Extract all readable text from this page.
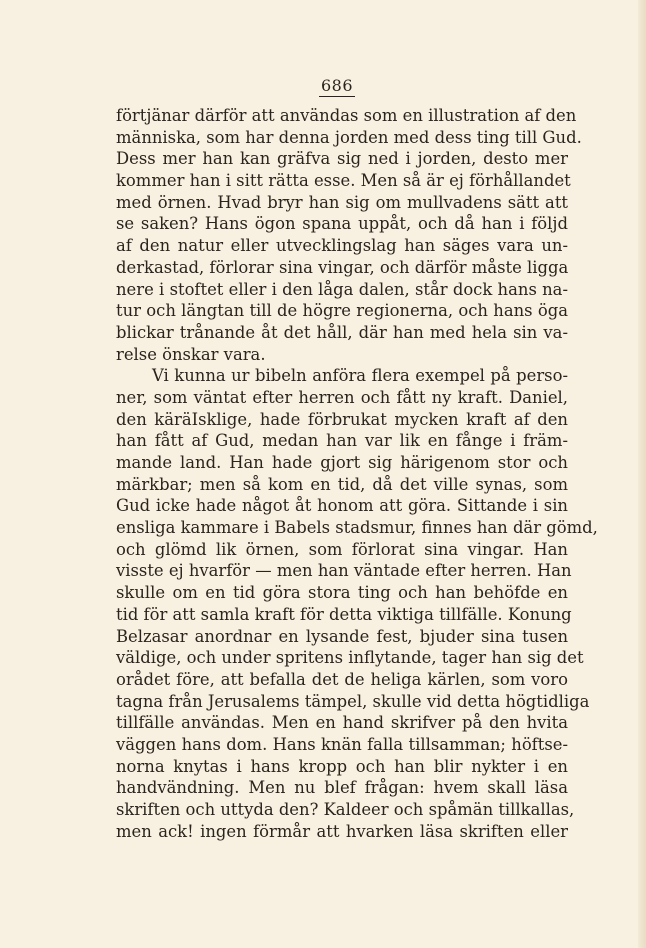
686
förtjänar därför att användas som en illustration af den
människa, som har denna jorden med dess ting till Gud.
Dess mer han kan gräfva sig ned i jorden, desto mer
kommer han i sitt rätta esse. Men så är ej förhållandet
med örnen. Hvad bryr han sig om mullvadens sätt att
se saken? Hans ögon spana uppåt, och då han i följd
af den natur eller utvecklingslag han säges vara un-
derkastad, förlorar sina vingar, och därför måste ligga
nere i stoftet eller i den låga dalen, står dock hans na-
tur och längtan till de högre regionerna, och hans öga
blickar trånande åt det håll, där han med hela sin va-
relse önskar vara.
Vi kunna ur bibeln anföra flera exempel på perso-
ner, som väntat efter herren och fått ny kraft. Daniel,
den käräIsklige, hade förbrukat mycken kraft af den
han fått af Gud, medan han var lik en fånge i främ-
mande land. Han hade gjort sig härigenom stor och
märkbar; men så kom en tid, då det ville synas, som
Gud icke hade något åt honom att göra. Sittande i sin
ensliga kammare i Babels stadsmur, finnes han där gömd,
och glömd lik örnen, som förlorat sina vingar. Han
visste ej hvarför — men han väntade efter herren. Han
skulle om en tid göra stora ting och han behöfde en
tid för att samla kraft för detta viktiga tillfälle. Konung
Belzasar anordnar en lysande fest, bjuder sina tusen
väldige, och under spritens inflytande, tager han sig det
orådet före, att befalla det de heliga kärlen, som voro
tagna från Jerusalems tämpel, skulle vid detta högtidliga
tillfälle användas. Men en hand skrifver på den hvita
väggen hans dom. Hans knän falla tillsamman; höftse-
norna knytas i hans kropp och han blir nykter i en
handvändning. Men nu blef frågan: hvem skall läsa
skriften och uttyda den? Kaldeer och spåmän tillkallas,
men ack! ingen förmår att hvarken läsa skriften eller
